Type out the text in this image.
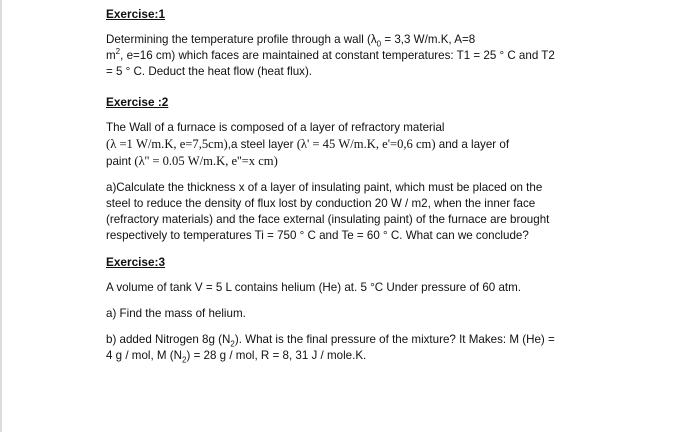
Exercise:1

Determining the temperature profile through a wall ($\lambda_0 = 3,3$ W/m.K, A=8

$m^2$, e=16 cm) which faces are maintained at constant temperatures: T1 = 25 ° C and T2

= 5 ° C. Deduct the heat flow (heat flux).

Exercise :2

The Wall of a furnace is composed of a layer of refractory material

(λ =1 W/m.K, e=7,5cm),a steel layer (λ' = 45 W/m.K, e'=0,6 cm) and a layer of

paint (λ'' = 0.05 W/m.K, e''=x cm)

a)Calculate the thickness x of a layer of insulating paint, which must be placed on the

steel to reduce the density of flux lost by conduction 20 W / m2, when the inner face

(refractory materials) and the face external (insulating paint) of the furnace are brought

respectively to temperatures Ti = 750 ° C and Te = 60 ° C. What can we conclude?

Exercise:3

A volume of tank V = 5 L contains helium (He) at. 5 °C Under pressure of 60 atm.

a) Find the mass of helium.

b) added Nitrogen 8g $(N_2)$. What is the final pressure of the mixture? It Makes: M (He) =

4 g / mol, M $(N_2) = 28$ g / mol, R = 8, 31 J / mole.K.
